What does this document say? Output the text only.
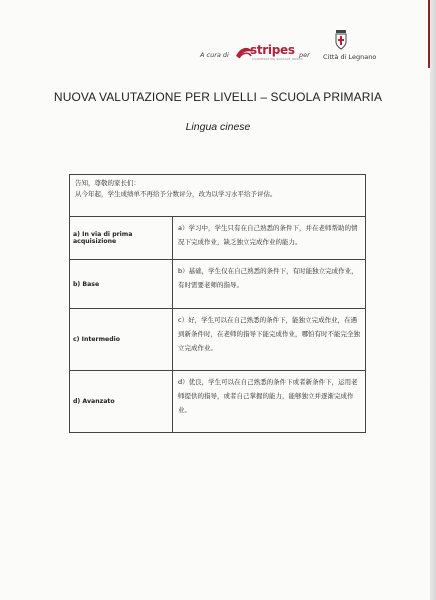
A cura di stripes
COOPERATIVA SOCIALE ONLUS
per Città di Legnano
NUOVA VALUTAZIONE PER LIVELLI – SCUOLA PRIMARIA
Lingua cinese
告知，尊敬的家长们：
从今年起，学生成绩单不再给予分数评分，改为以学习水平给予评估。	

a) In via di prima acquisizione	a）学习中，学生只有在自己熟悉的条件下，并在老师帮助的情况下完成作业，缺乏独立完成作业的能力。
b) Base	b）基础，学生仅在自己熟悉的条件下，有时能独立完成作业，有时需要老师的指导。
c) Intermedio	c）好，学生可以在自己熟悉的条件下，能独立完成作业，在遇到新条件时，在老师的指导下能完成作业，哪怕有时不能完全独立完成作业。
d) Avanzato	d）优良，学生可以在自己熟悉的条件下或者新条件下，运用老师提供的指导，或者自己掌握的能力，能够独立并逐渐完成作业。
